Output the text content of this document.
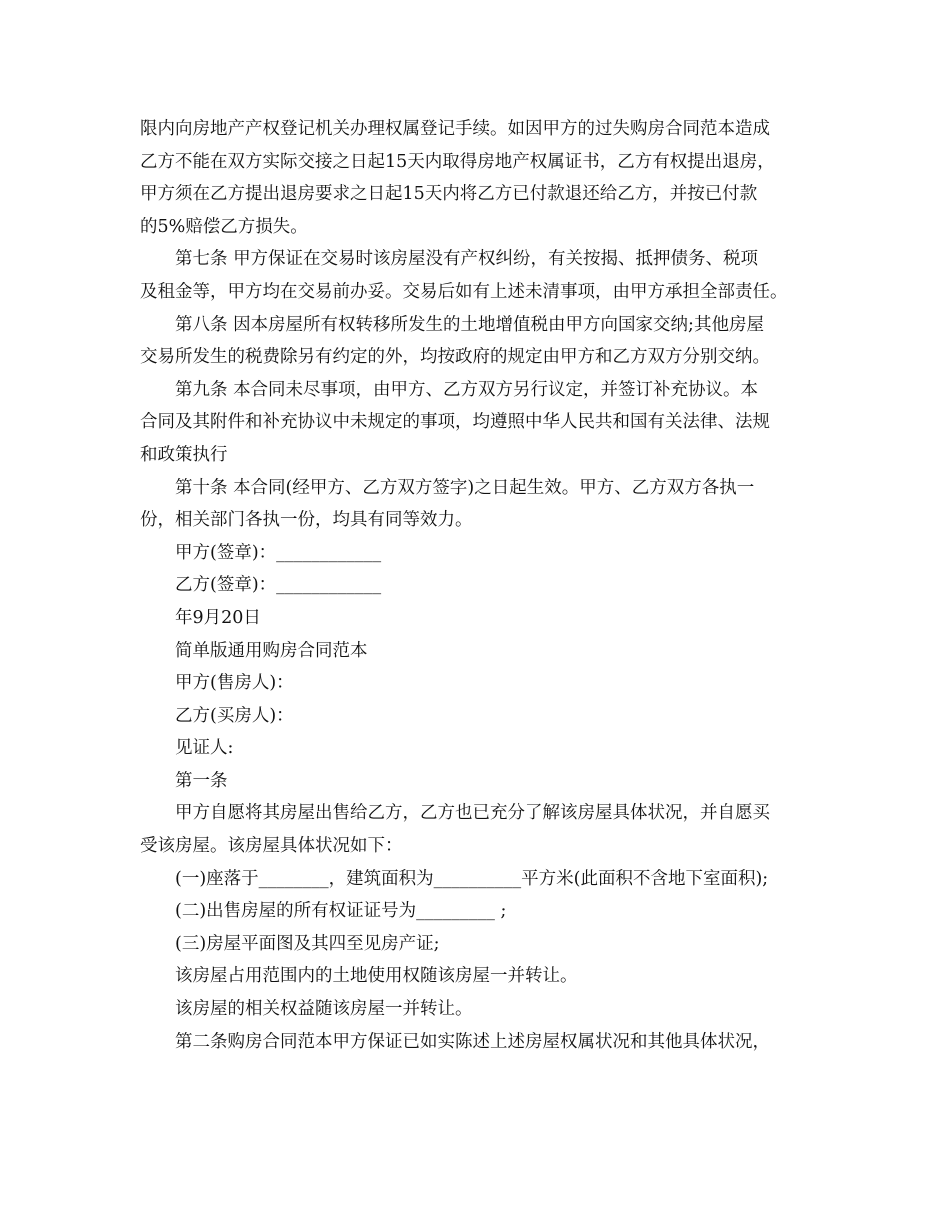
限内向房地产产权登记机关办理权属登记手续。如因甲方的过失购房合同范本造成
乙方不能在双方实际交接之日起15天内取得房地产权属证书，乙方有权提出退房，
甲方须在乙方提出退房要求之日起15天内将乙方已付款退还给乙方，并按已付款
的5%赔偿乙方损失。
第七条 甲方保证在交易时该房屋没有产权纠纷，有关按揭、抵押债务、税项
及租金等，甲方均在交易前办妥。交易后如有上述未清事项，由甲方承担全部责任。
第八条 因本房屋所有权转移所发生的土地增值税由甲方向国家交纳;其他房屋
交易所发生的税费除另有约定的外，均按政府的规定由甲方和乙方双方分别交纳。
第九条 本合同未尽事项，由甲方、乙方双方另行议定，并签订补充协议。本
合同及其附件和补充协议中未规定的事项，均遵照中华人民共和国有关法律、法规
和政策执行
第十条 本合同(经甲方、乙方双方签字)之日起生效。甲方、乙方双方各执一
份，相关部门各执一份，均具有同等效力。
甲方(签章)：____________
乙方(签章)：____________
年9月20日
简单版通用购房合同范本
甲方(售房人)：
乙方(买房人)：
见证人:
第一条
甲方自愿将其房屋出售给乙方，乙方也已充分了解该房屋具体状况，并自愿买
受该房屋。该房屋具体状况如下：
(一)座落于________，建筑面积为__________平方米(此面积不含地下室面积);
(二)出售房屋的所有权证证号为_________ ;
(三)房屋平面图及其四至见房产证;
该房屋占用范围内的土地使用权随该房屋一并转让。
该房屋的相关权益随该房屋一并转让。
第二条购房合同范本甲方保证已如实陈述上述房屋权属状况和其他具体状况，
